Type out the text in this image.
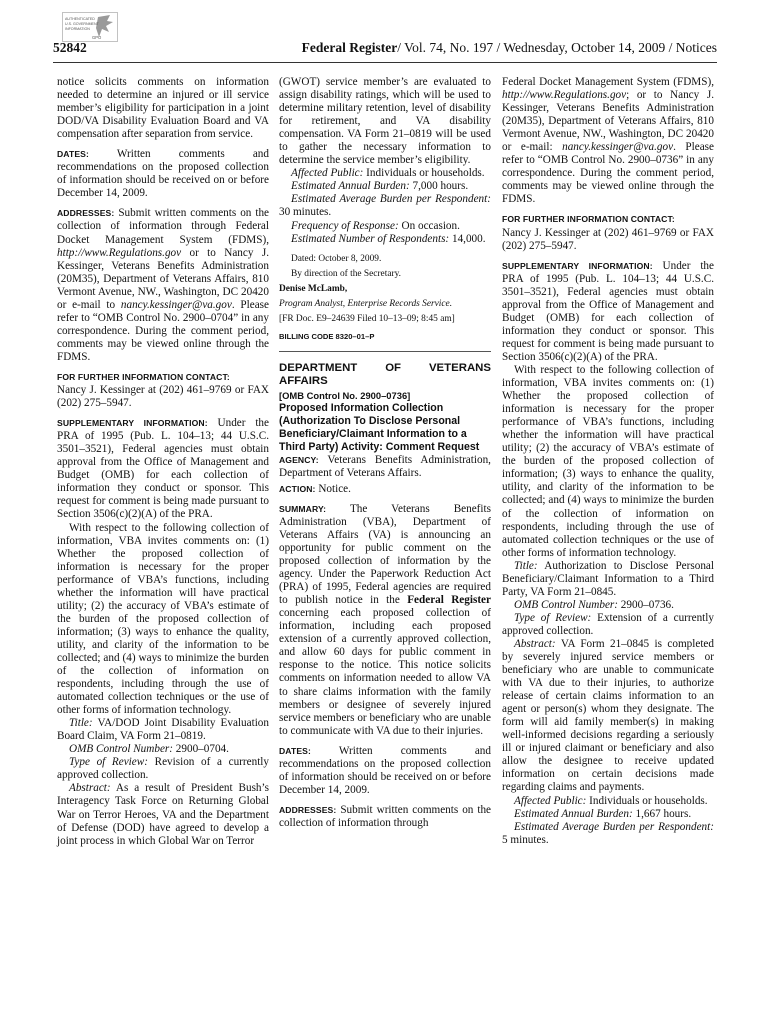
AUTHENTICATED
U.S. GOVERNMENT
INFORMATION
GPO
52842	Federal Register/ Vol. 74, No. 197 / Wednesday, October 14, 2009 / Notices

notice solicits comments on information needed to determine an injured or ill service member’s eligibility for participation in a joint DOD/VA Disability Evaluation Board and VA compensation after separation from service.

DATES: Written comments and recommendations on the proposed collection of information should be received on or before December 14, 2009.

ADDRESSES: Submit written comments on the collection of information through Federal Docket Management System (FDMS), http://www.Regulations.gov or to Nancy J. Kessinger, Veterans Benefits Administration (20M35), Department of Veterans Affairs, 810 Vermont Avenue, NW., Washington, DC 20420 or e-mail to nancy.kessinger@va.gov. Please refer to “OMB Control No. 2900–0704” in any correspondence. During the comment period, comments may be viewed online through the FDMS.

FOR FURTHER INFORMATION CONTACT:
Nancy J. Kessinger at (202) 461–9769 or FAX (202) 275–5947.

SUPPLEMENTARY INFORMATION: Under the PRA of 1995 (Pub. L. 104–13; 44 U.S.C. 3501–3521), Federal agencies must obtain approval from the Office of Management and Budget (OMB) for each collection of information they conduct or sponsor. This request for comment is being made pursuant to Section 3506(c)(2)(A) of the PRA.

With respect to the following collection of information, VBA invites comments on: (1) Whether the proposed collection of information is necessary for the proper performance of VBA’s functions, including whether the information will have practical utility; (2) the accuracy of VBA’s estimate of the burden of the proposed collection of information; (3) ways to enhance the quality, utility, and clarity of the information to be collected; and (4) ways to minimize the burden of the collection of information on respondents, including through the use of automated collection techniques or the use of other forms of information technology.

Title: VA/DOD Joint Disability Evaluation Board Claim, VA Form 21–0819.

OMB Control Number: 2900–0704.

Type of Review: Revision of a currently approved collection.

Abstract: As a result of President Bush’s Interagency Task Force on Returning Global War on Terror Heroes, VA and the Department of Defense (DOD) have agreed to develop a joint process in which Global War on Terror

(GWOT) service member’s are evaluated to assign disability ratings, which will be used to determine military retention, level of disability for retirement, and VA disability compensation. VA Form 21–0819 will be used to gather the necessary information to determine the service member’s eligibility.

Affected Public: Individuals or households.

Estimated Annual Burden: 7,000 hours.

Estimated Average Burden per Respondent: 30 minutes.

Frequency of Response: On occasion.

Estimated Number of Respondents: 14,000.

Dated: October 8, 2009.

By direction of the Secretary.

Denise McLamb,

Program Analyst, Enterprise Records Service.

[FR Doc. E9–24639 Filed 10–13–09; 8:45 am]

BILLING CODE 8320–01–P

DEPARTMENT OF VETERANS AFFAIRS

[OMB Control No. 2900–0736]

Proposed Information Collection (Authorization To Disclose Personal Beneficiary/Claimant Information to a Third Party) Activity: Comment Request

AGENCY: Veterans Benefits Administration, Department of Veterans Affairs.

ACTION: Notice.

SUMMARY: The Veterans Benefits Administration (VBA), Department of Veterans Affairs (VA) is announcing an opportunity for public comment on the proposed collection of information by the agency. Under the Paperwork Reduction Act (PRA) of 1995, Federal agencies are required to publish notice in the Federal Register concerning each proposed collection of information, including each proposed extension of a currently approved collection, and allow 60 days for public comment in response to the notice. This notice solicits comments on information needed to allow VA to share claims information with the family members or designee of severely injured service members or beneficiary who are unable to communicate with VA due to their injuries.

DATES: Written comments and recommendations on the proposed collection of information should be received on or before December 14, 2009.

ADDRESSES: Submit written comments on the collection of information through

Federal Docket Management System (FDMS), http://www.Regulations.gov; or to Nancy J. Kessinger, Veterans Benefits Administration (20M35), Department of Veterans Affairs, 810 Vermont Avenue, NW., Washington, DC 20420 or e-mail: nancy.kessinger@va.gov. Please refer to “OMB Control No. 2900–0736” in any correspondence. During the comment period, comments may be viewed online through the FDMS.

FOR FURTHER INFORMATION CONTACT:
Nancy J. Kessinger at (202) 461–9769 or FAX (202) 275–5947.

SUPPLEMENTARY INFORMATION: Under the PRA of 1995 (Pub. L. 104–13; 44 U.S.C. 3501–3521), Federal agencies must obtain approval from the Office of Management and Budget (OMB) for each collection of information they conduct or sponsor. This request for comment is being made pursuant to Section 3506(c)(2)(A) of the PRA.

With respect to the following collection of information, VBA invites comments on: (1) Whether the proposed collection of information is necessary for the proper performance of VBA’s functions, including whether the information will have practical utility; (2) the accuracy of VBA’s estimate of the burden of the proposed collection of information; (3) ways to enhance the quality, utility, and clarity of the information to be collected; and (4) ways to minimize the burden of the collection of information on respondents, including through the use of automated collection techniques or the use of other forms of information technology.

Title: Authorization to Disclose Personal Beneficiary/Claimant Information to a Third Party, VA Form 21–0845.

OMB Control Number: 2900–0736.

Type of Review: Extension of a currently approved collection.

Abstract: VA Form 21–0845 is completed by severely injured service members or beneficiary who are unable to communicate with VA due to their injuries, to authorize release of certain claims information to an agent or person(s) whom they designate. The form will aid family member(s) in making well-informed decisions regarding a seriously ill or injured claimant or beneficiary and also allow the designee to receive updated information on certain decisions made regarding claims and payments.

Affected Public: Individuals or households.

Estimated Annual Burden: 1,667 hours.

Estimated Average Burden per Respondent: 5 minutes.
